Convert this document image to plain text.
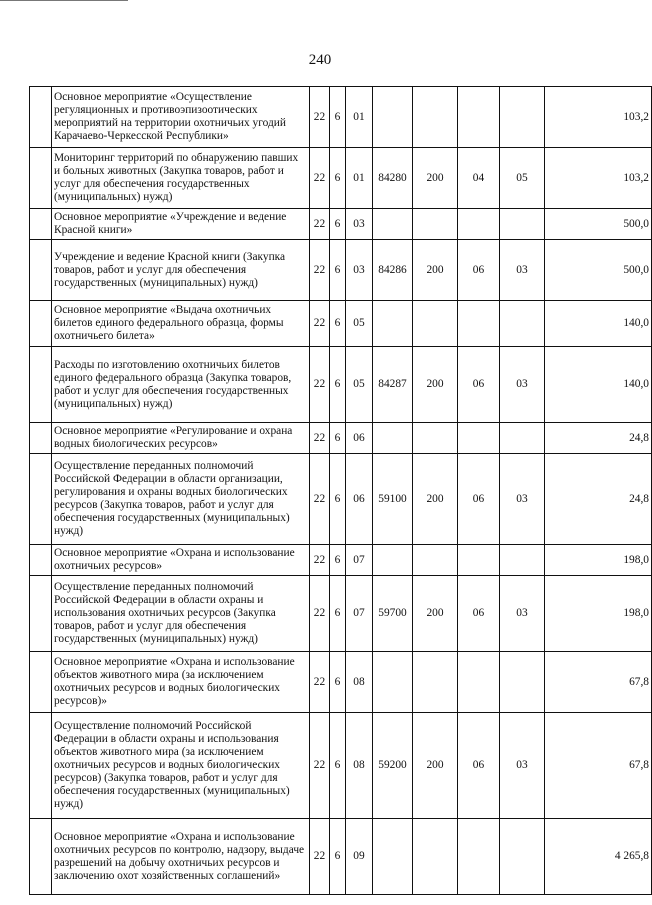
240
	Основное мероприятие «Осуществление регуляционных и противоэпизоотических мероприятий на территории охотничьих угодий Карачаево-Черкесской Республики»	22	6	01					103,2
	Мониторинг территорий по обнаружению павших и больных животных (Закупка товаров, работ и услуг для обеспечения государственных (муниципальных) нужд)	22	6	01	84280	200	04	05	103,2
	Основное мероприятие «Учреждение и ведение Красной книги»	22	6	03					500,0
	Учреждение и ведение Красной книги (Закупка товаров, работ и услуг для обеспечения государственных (муниципальных) нужд)	22	6	03	84286	200	06	03	500,0
	Основное мероприятие «Выдача охотничьих билетов единого федерального образца, формы охотничьего билета»	22	6	05					140,0
	Расходы по изготовлению охотничьих билетов единого федерального образца (Закупка товаров, работ и услуг для обеспечения государственных (муниципальных) нужд)	22	6	05	84287	200	06	03	140,0
	Основное мероприятие «Регулирование и охрана водных биологических ресурсов»	22	6	06					24,8
	Осуществление переданных полномочий Российской Федерации в области организации, регулирования и охраны водных биологических ресурсов (Закупка товаров, работ и услуг для обеспечения государственных (муниципальных) нужд)	22	6	06	59100	200	06	03	24,8
	Основное мероприятие «Охрана и использование охотничьих ресурсов»	22	6	07					198,0
	Осуществление переданных полномочий Российской Федерации в области охраны и использования охотничьих ресурсов (Закупка товаров, работ и услуг для обеспечения государственных (муниципальных) нужд)	22	6	07	59700	200	06	03	198,0
	Основное мероприятие «Охрана и использование объектов животного мира (за исключением охотничьих ресурсов и водных биологических ресурсов)»	22	6	08					67,8
	Осуществление полномочий Российской Федерации в области охраны и использования объектов животного мира (за исключением охотничьих ресурсов и водных биологических ресурсов) (Закупка товаров, работ и услуг для обеспечения государственных (муниципальных) нужд)	22	6	08	59200	200	06	03	67,8
	Основное мероприятие «Охрана и использование охотничьих ресурсов по контролю, надзору, выдаче разрешений на добычу охотничьих ресурсов и заключению охот хозяйственных соглашений»	22	6	09					4 265,8
